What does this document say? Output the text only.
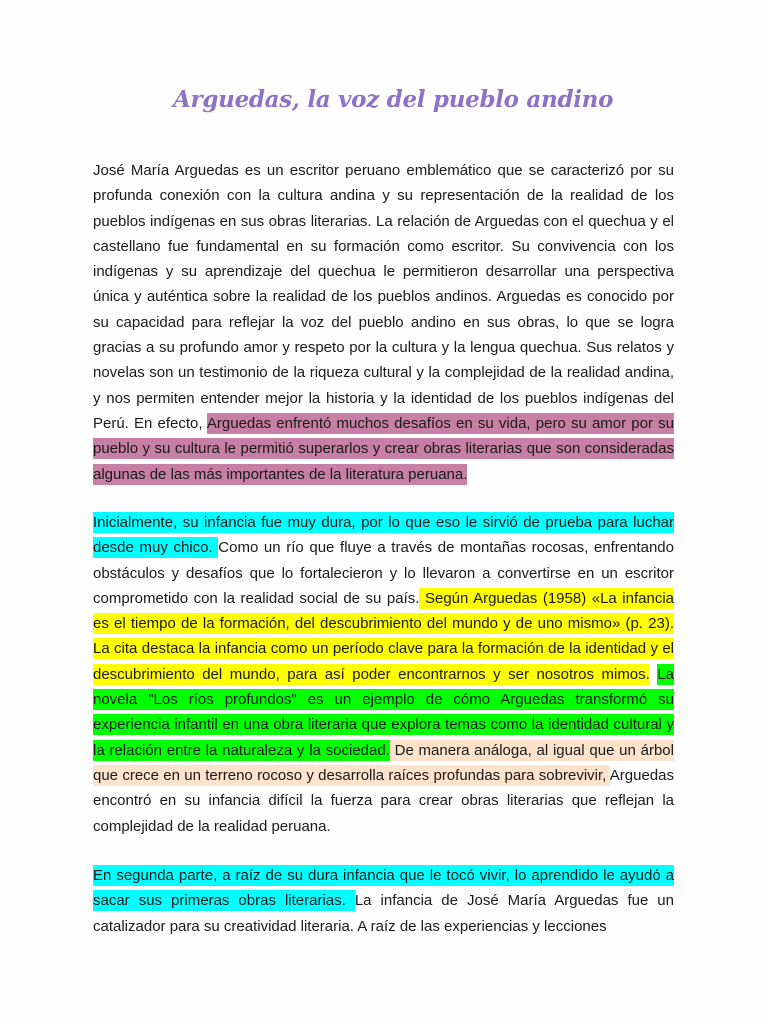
Arguedas, la voz del pueblo andino

José María Arguedas es un escritor peruano emblemático que se caracterizó por su profunda conexión con la cultura andina y su representación de la realidad de los pueblos indígenas en sus obras literarias. La relación de Arguedas con el quechua y el castellano fue fundamental en su formación como escritor. Su convivencia con los indígenas y su aprendizaje del quechua le permitieron desarrollar una perspectiva única y auténtica sobre la realidad de los pueblos andinos. Arguedas es conocido por su capacidad para reflejar la voz del pueblo andino en sus obras, lo que se logra gracias a su profundo amor y respeto por la cultura y la lengua quechua. Sus relatos y novelas son un testimonio de la riqueza cultural y la complejidad de la realidad andina, y nos permiten entender mejor la historia y la identidad de los pueblos indígenas del Perú. En efecto, Arguedas enfrentó muchos desafíos en su vida, pero su amor por su pueblo y su cultura le permitió superarlos y crear obras literarias que son consideradas algunas de las más importantes de la literatura peruana.

Inicialmente, su infancia fue muy dura, por lo que eso le sirvió de prueba para luchar desde muy chico. Como un río que fluye a través de montañas rocosas, enfrentando obstáculos y desafíos que lo fortalecieron y lo llevaron a convertirse en un escritor comprometido con la realidad social de su país. Según Arguedas (1958) «La infancia es el tiempo de la formación, del descubrimiento del mundo y de uno mismo» (p. 23). La cita destaca la infancia como un período clave para la formación de la identidad y el descubrimiento del mundo, para así poder encontrarnos y ser nosotros mimos. La novela "Los ríos profundos" es un ejemplo de cómo Arguedas transformó su experiencia infantil en una obra literaria que explora temas como la identidad cultural y la relación entre la naturaleza y la sociedad. De manera análoga, al igual que un árbol que crece en un terreno rocoso y desarrolla raíces profundas para sobrevivir, Arguedas encontró en su infancia difícil la fuerza para crear obras literarias que reflejan la complejidad de la realidad peruana.

En segunda parte, a raíz de su dura infancia que le tocó vivir, lo aprendido le ayudó a sacar sus primeras obras literarias. La infancia de José María Arguedas fue un catalizador para su creatividad literaria. A raíz de las experiencias y lecciones
